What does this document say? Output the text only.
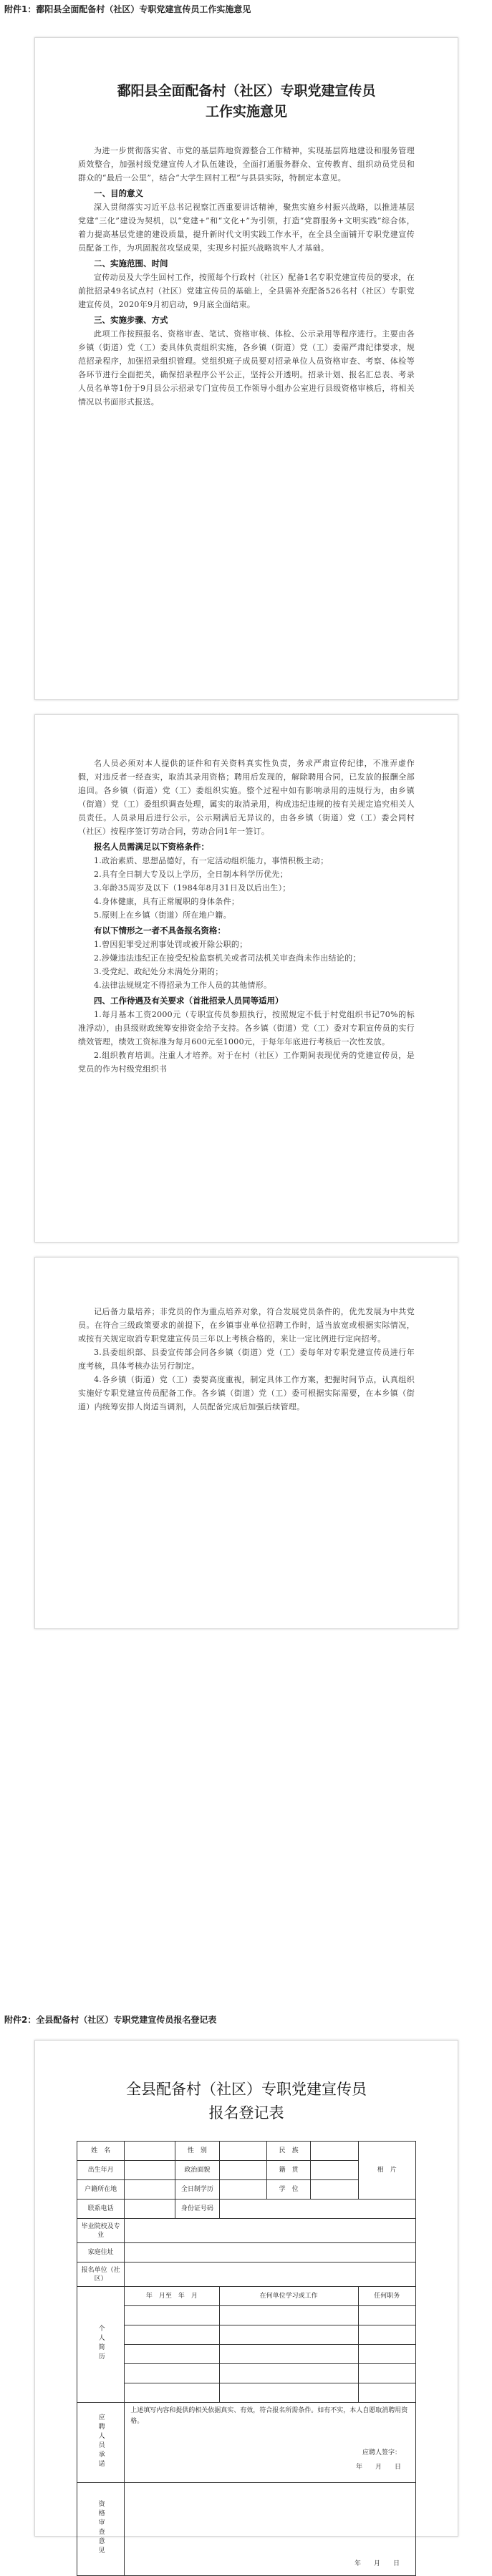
附件1：鄱阳县全面配备村（社区）专职党建宣传员工作实施意见
鄱阳县全面配备村（社区）专职党建宣传员
工作实施意见

为进一步贯彻落实省、市党的基层阵地资源整合工作精神，实现基层阵地建设和服务管理质效整合，加强村级党建宣传人才队伍建设，全面打通服务群众、宣传教育、组织动员党员和群众的“最后一公里”，结合“大学生回村工程”与县县实际，特制定本意见。

一、目的意义

深入贯彻落实习近平总书记视察江西重要讲话精神，聚焦实施乡村振兴战略，以推进基层党建“三化”建设为契机，以“党建+”和“文化+”为引领，打造“党群服务+文明实践”综合体，着力提高基层党建的建设质量，提升新时代文明实践工作水平，在全县全面铺开专职党建宣传员配备工作，为巩固脱贫攻坚成果，实现乡村振兴战略筑牢人才基础。

二、实施范围、时间

宣传动员及大学生回村工作，按照每个行政村（社区）配备1名专职党建宣传员的要求，在前批招录49名试点村（社区）党建宣传员的基础上，全县需补充配备526名村（社区）专职党建宣传员，2020年9月初启动，9月底全面结束。

三、实施步骤、方式

此项工作按照报名、资格审查、笔试、资格审核、体检、公示录用等程序进行。主要由各乡镇（街道）党（工）委具体负责组织实施，各乡镇（街道）党（工）委需严肃纪律要求，规范招录程序，加强招录组织管理。党组织班子成员要对招录单位人员资格审查、考察、体检等各环节进行全面把关，确保招录程序公平公正，坚持公开透明。招录计划、报名汇总表、考录人员名单等1份于9月县公示招录专门宣传员工作领导小组办公室进行县级资格审核后，将相关情况以书面形式报送。

名人员必须对本人提供的证件和有关资料真实性负责，务求严肃宣传纪律，不准弄虚作假，对违反者一经查实，取消其录用资格；聘用后发现的，解除聘用合同，已发放的报酬全部追回。各乡镇（街道）党（工）委组织实施。整个过程中如有影响录用的违规行为，由乡镇（街道）党（工）委组织调查处理，属实的取消录用，构成违纪违规的按有关规定追究相关人员责任。人员录用后进行公示，公示期满后无异议的，由各乡镇（街道）党（工）委会同村（社区）按程序签订劳动合同，劳动合同1年一签订。

报名人员需满足以下资格条件：

1.政治素质、思想品德好，有一定活动组织能力，事情积极主动；

2.具有全日制大专及以上学历，全日制本科学历优先；

3.年龄35周岁及以下（1984年8月31日及以后出生）；

4.身体健康，具有正常履职的身体条件；

5.原则上在乡镇（街道）所在地户籍。

有以下情形之一者不具备报名资格：

1.曾因犯罪受过刑事处罚或被开除公职的；

2.涉嫌违法违纪正在接受纪检监察机关或者司法机关审查尚未作出结论的；

3.受党纪、政纪处分未满处分期的；

4.法律法规规定不得招录为工作人员的其他情形。

四、工作待遇及有关要求（首批招录人员同等适用）

1.每月基本工资2000元（专职宣传员参照执行，按照规定不低于村党组织书记70%的标准浮动），由县级财政统筹安排资金给予支持。各乡镇（街道）党（工）委对专职宣传员的实行绩效管理，绩效工资标准为每月600元至1000元，于每年年底进行考核后一次性发放。

2.组织教育培训。注重人才培养。对于在村（社区）工作期间表现优秀的党建宣传员，是党员的作为村级党组织书

记后备力量培养；非党员的作为重点培养对象，符合发展党员条件的，优先发展为中共党员。在符合三级政策要求的前提下，在乡镇事业单位招聘工作时，适当放宽或根据实际情况，或按有关规定取消专职党建宣传员三年以上考核合格的，来让一定比例进行定向招考。

3.县委组织部、县委宣传部会同各乡镇（街道）党（工）委每年对专职党建宣传员进行年度考核，具体考核办法另行制定。

4.各乡镇（街道）党（工）委要高度重视，制定具体工作方案，把握时间节点，认真组织实施好专职党建宣传员配备工作。各乡镇（街道）党（工）委可根据实际需要，在本乡镇（街道）内统筹安排人岗适当调剂，人员配备完成后加强后续管理。

附件2：全县配备村（社区）专职党建宣传员报名登记表
全县配备村（社区）专职党建宣传员
报名登记表
姓　名		性　别		民　族		相　片
出生年月		政治面貌		籍　贯		
户籍所在地		全日制学历		学　位		
联系电话		身份证号码				
毕业院校及专业						
家庭住址						
报名单位（社区）						
个人简历	年　月至　年　月		在何单位学习或工作			任何职务

应聘人员承诺	上述填写内容和提供的相关依据真实、有效，符合报名所需条件。如有不实，本人自愿取消聘用资格。
应聘人签字：
年　　月　　日					

资格审查意见	年　　月　　日					
